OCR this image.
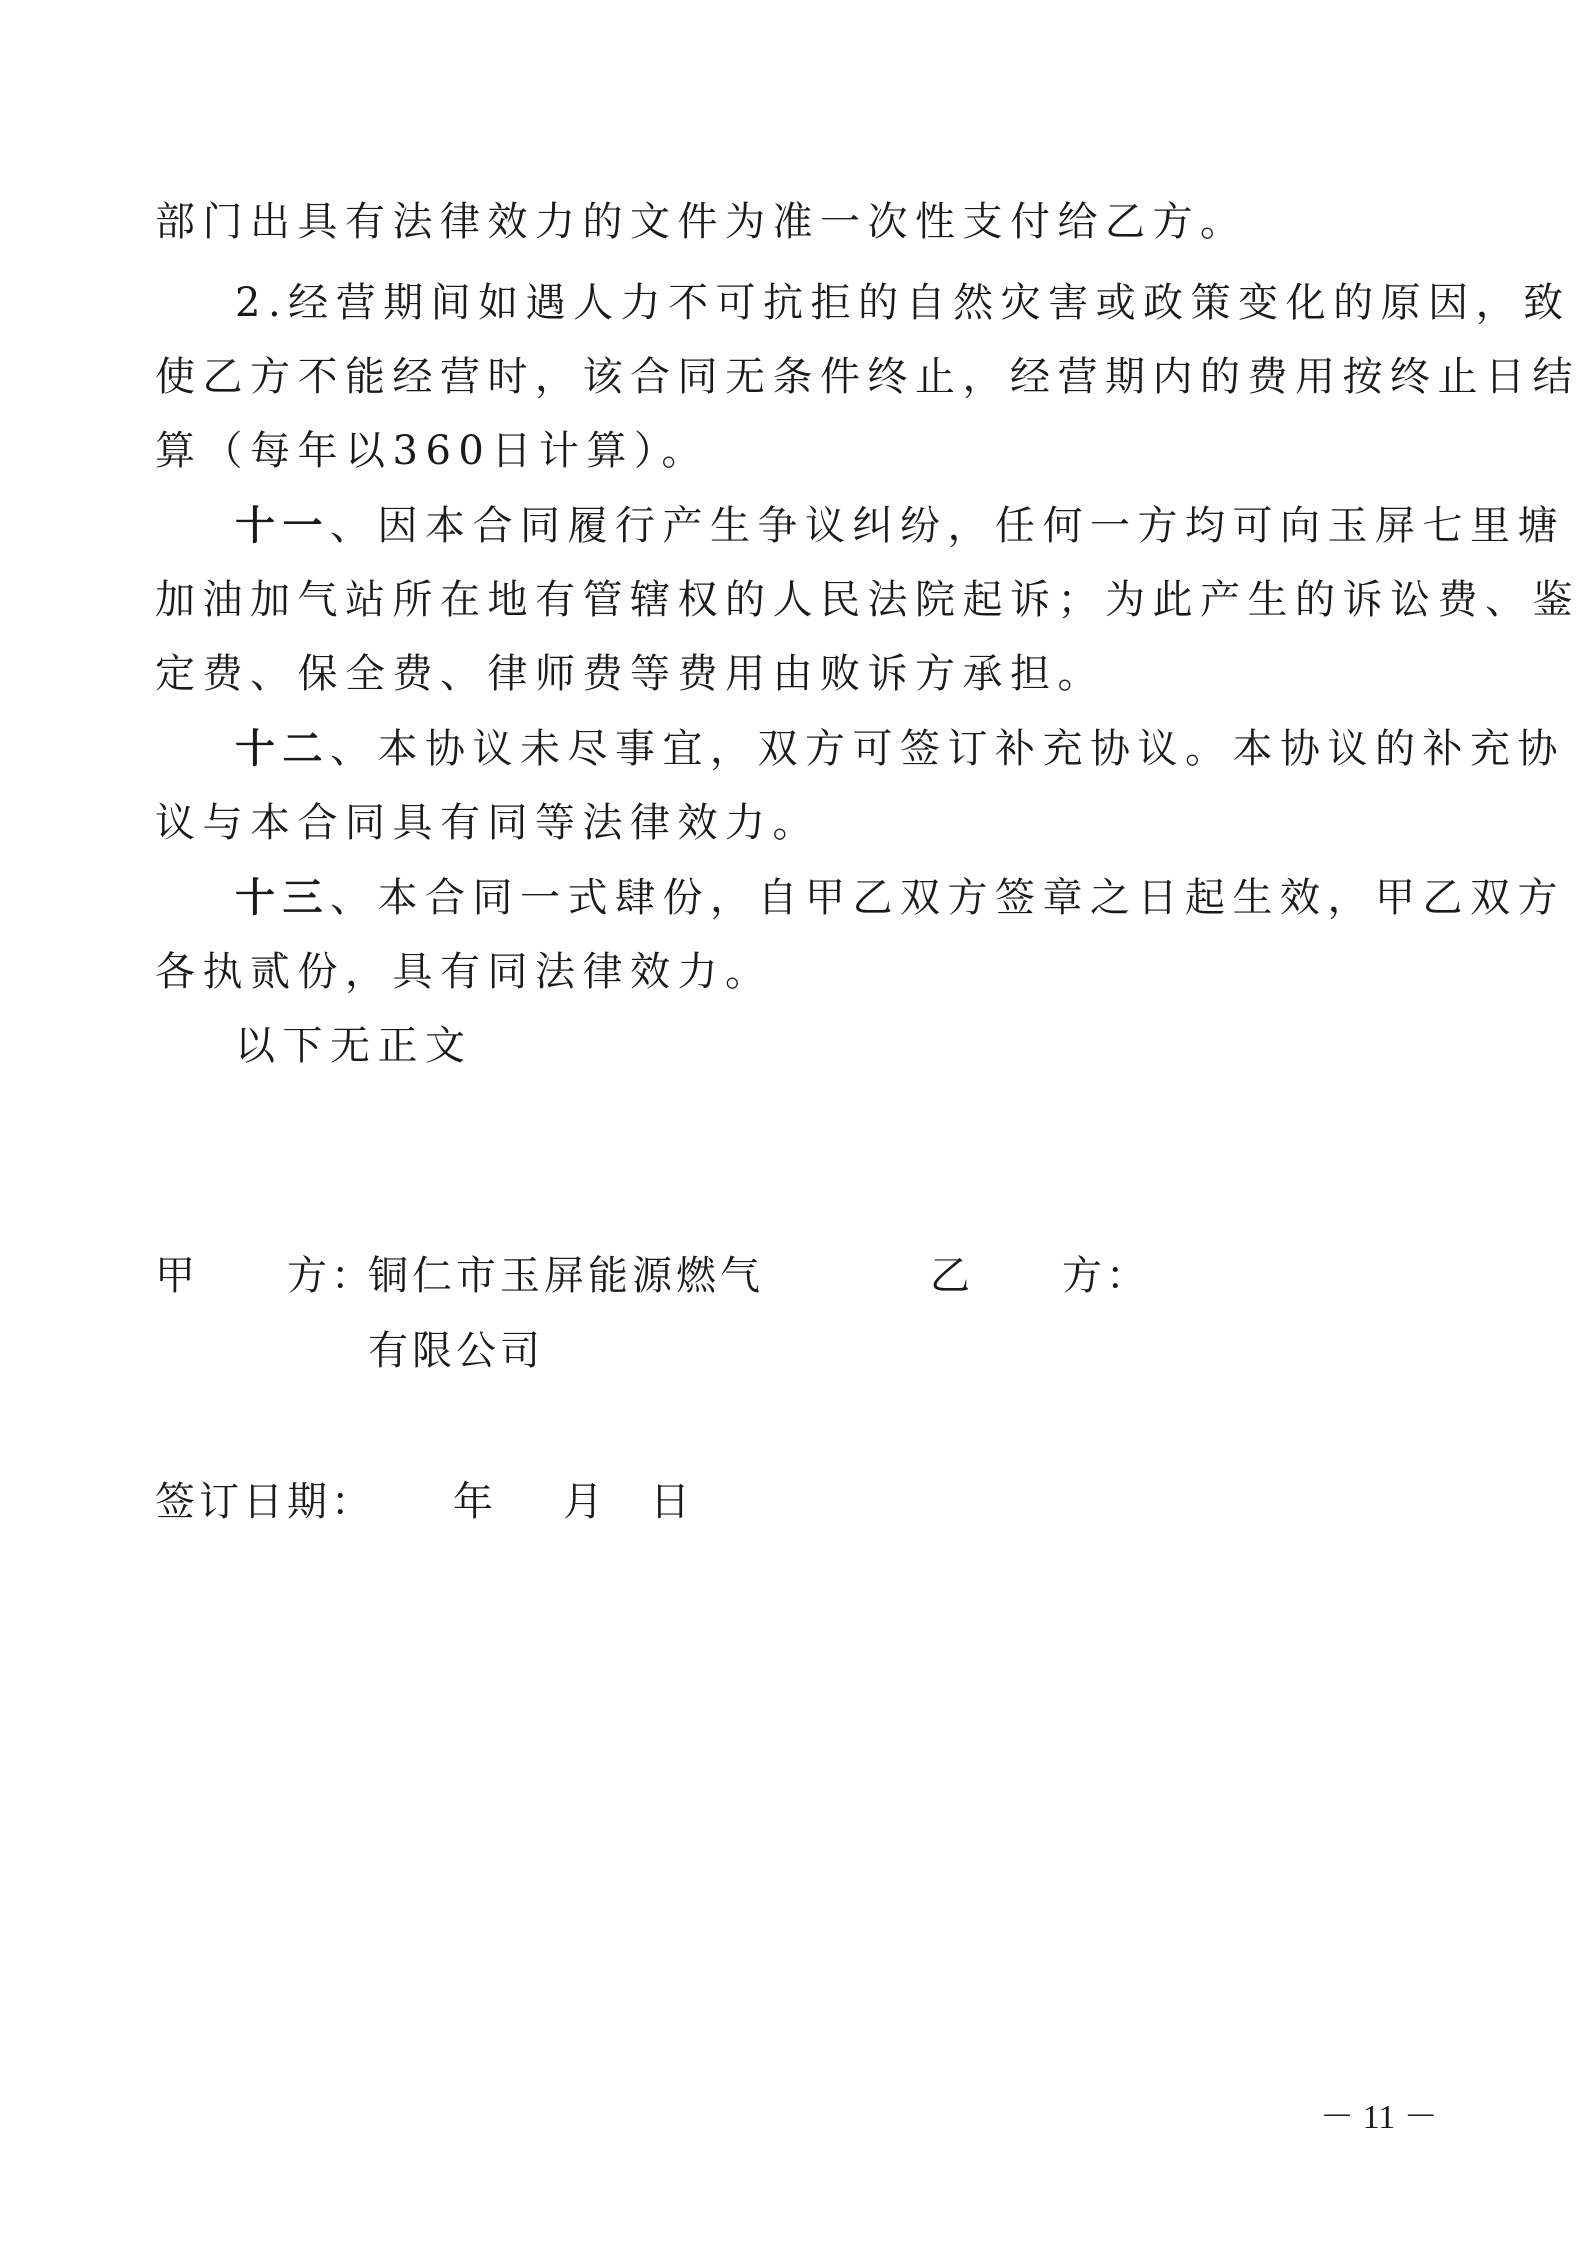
部门出具有法律效力的文件为准一次性支付给乙方。
2.经营期间如遇人力不可抗拒的自然灾害或政策变化的原因，致
使乙方不能经营时，该合同无条件终止，经营期内的费用按终止日结
算（每年以360日计算）。
十一、因本合同履行产生争议纠纷，任何一方均可向玉屏七里塘
加油加气站所在地有管辖权的人民法院起诉；为此产生的诉讼费、鉴
定费、保全费、律师费等费用由败诉方承担。
十二、本协议未尽事宜，双方可签订补充协议。本协议的补充协
议与本合同具有同等法律效力。
十三、本合同一式肆份，自甲乙双方签章之日起生效，甲乙双方
各执贰份，具有同法律效力。
以下无正文
甲　　方：
铜仁市玉屏能源燃气
有限公司
乙　　方：
签订日期： 年 月 日
－ 11 －
